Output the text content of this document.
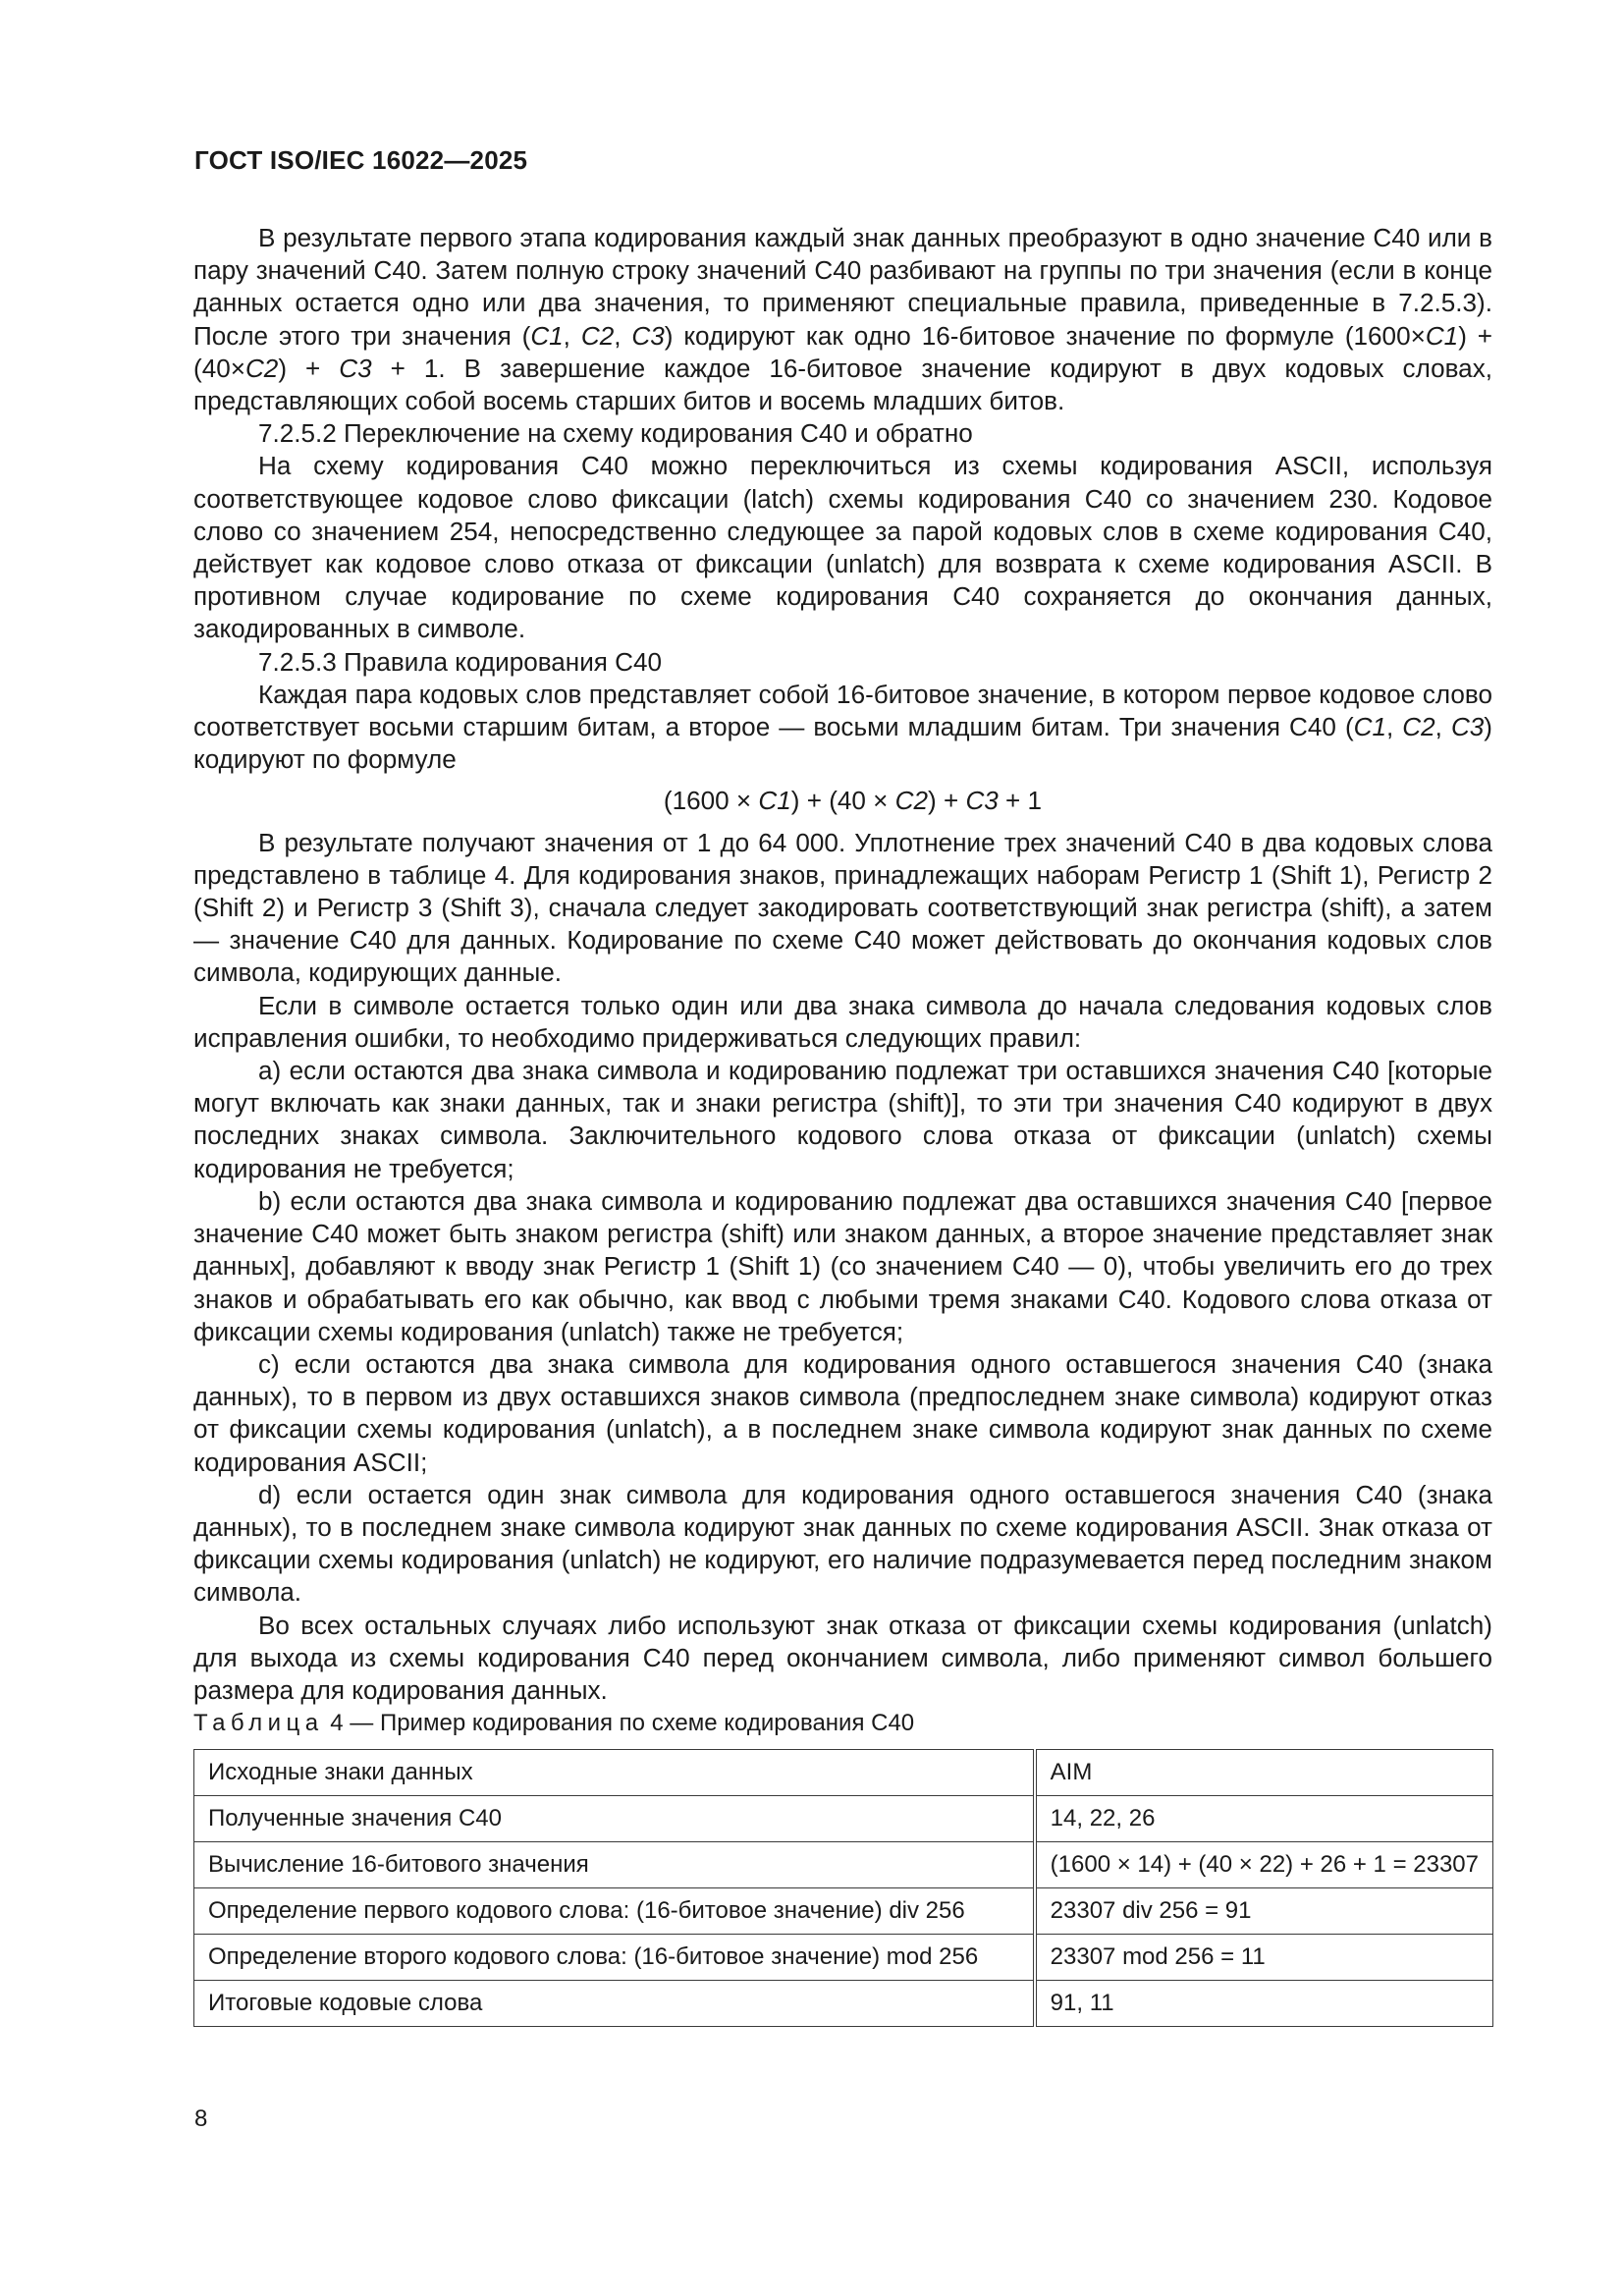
ГОСТ ISO/IEC 16022—2025

В результате первого этапа кодирования каждый знак данных преобразуют в одно значение С40 или в пару значений С40. Затем полную строку значений С40 разбивают на группы по три значения (если в конце данных остается одно или два значения, то применяют специальные правила, приведенные в 7.2.5.3). После этого три значения (C1, C2, C3) кодируют как одно 16-битовое значение по формуле (1600×C1) + (40×C2) + C3 + 1. В завершение каждое 16-битовое значение кодируют в двух кодовых словах, представляющих собой восемь старших битов и восемь младших битов.

7.2.5.2 Переключение на схему кодирования С40 и обратно

На схему кодирования С40 можно переключиться из схемы кодирования ASCII, используя соответствующее кодовое слово фиксации (latch) схемы кодирования С40 со значением 230. Кодовое слово со значением 254, непосредственно следующее за парой кодовых слов в схеме кодирования С40, действует как кодовое слово отказа от фиксации (unlatch) для возврата к схеме кодирования ASCII. В противном случае кодирование по схеме кодирования С40 сохраняется до окончания данных, закодированных в символе.

7.2.5.3 Правила кодирования С40

Каждая пара кодовых слов представляет собой 16-битовое значение, в котором первое кодовое слово соответствует восьми старшим битам, а второе — восьми младшим битам. Три значения С40 (C1, C2, C3) кодируют по формуле

(1600 × C1) + (40 × C2) + C3 + 1

В результате получают значения от 1 до 64 000. Уплотнение трех значений С40 в два кодовых слова представлено в таблице 4. Для кодирования знаков, принадлежащих наборам Регистр 1 (Shift 1), Регистр 2 (Shift 2) и Регистр 3 (Shift 3), сначала следует закодировать соответствующий знак регистра (shift), а затем — значение С40 для данных. Кодирование по схеме С40 может действовать до окончания кодовых слов символа, кодирующих данные.

Если в символе остается только один или два знака символа до начала следования кодовых слов исправления ошибки, то необходимо придерживаться следующих правил:

a) если остаются два знака символа и кодированию подлежат три оставшихся значения С40 [которые могут включать как знаки данных, так и знаки регистра (shift)], то эти три значения С40 кодируют в двух последних знаках символа. Заключительного кодового слова отказа от фиксации (unlatch) схемы кодирования не требуется;

b) если остаются два знака символа и кодированию подлежат два оставшихся значения С40 [первое значение С40 может быть знаком регистра (shift) или знаком данных, а второе значение представляет знак данных], добавляют к вводу знак Регистр 1 (Shift 1) (со значением С40 — 0), чтобы увеличить его до трех знаков и обрабатывать его как обычно, как ввод с любыми тремя знаками С40. Кодового слова отказа от фиксации схемы кодирования (unlatch) также не требуется;

c) если остаются два знака символа для кодирования одного оставшегося значения С40 (знака данных), то в первом из двух оставшихся знаков символа (предпоследнем знаке символа) кодируют отказ от фиксации схемы кодирования (unlatch), а в последнем знаке символа кодируют знак данных по схеме кодирования ASCII;

d) если остается один знак символа для кодирования одного оставшегося значения С40 (знака данных), то в последнем знаке символа кодируют знак данных по схеме кодирования ASCII. Знак отказа от фиксации схемы кодирования (unlatch) не кодируют, его наличие подразумевается перед последним знаком символа.

Во всех остальных случаях либо используют знак отказа от фиксации схемы кодирования (unlatch) для выхода из схемы кодирования С40 перед окончанием символа, либо применяют символ большего размера для кодирования данных.

Таблица 4 — Пример кодирования по схеме кодирования С40
Исходные знаки данных	AIM
Полученные значения С40	14, 22, 26
Вычисление 16-битового значения	(1600 × 14) + (40 × 22) + 26 + 1 = 23307
Определение первого кодового слова: (16-битовое значение) div 256	23307 div 256 = 91
Определение второго кодового слова: (16-битовое значение) mod 256	23307 mod 256 = 11
Итоговые кодовые слова	91, 11
8
